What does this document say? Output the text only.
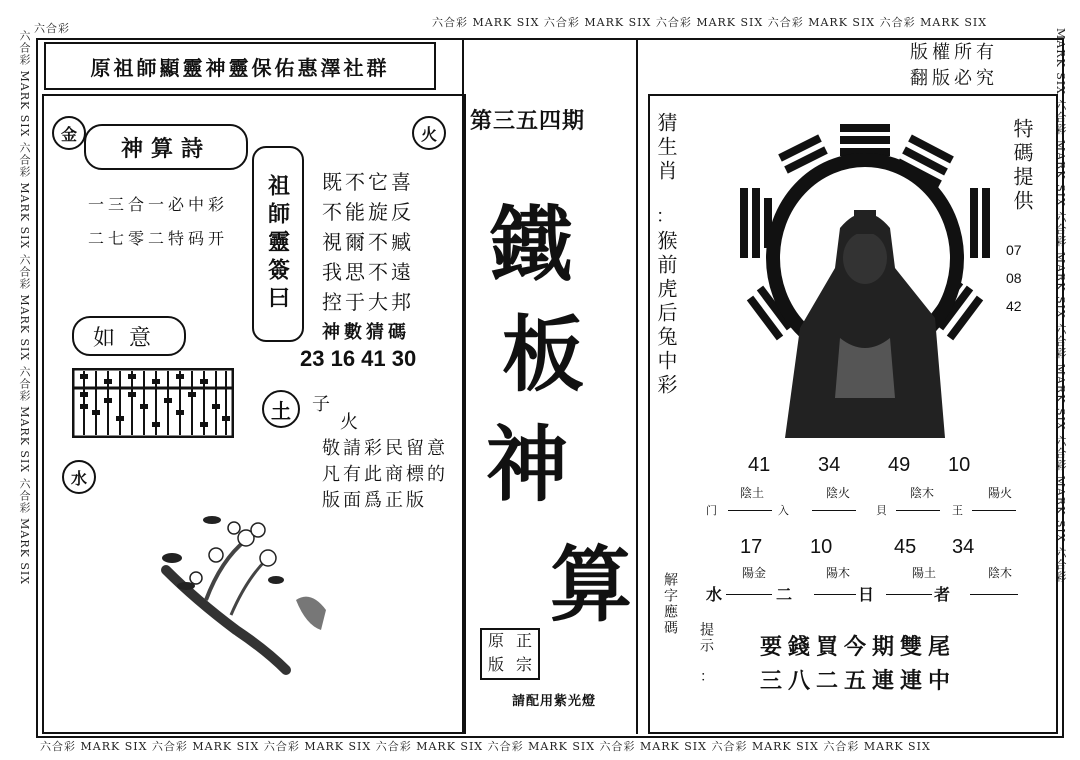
六合彩 MARK SIX 六合彩 MARK SIX 六合彩 MARK SIX 六合彩 MARK SIX 六合彩 MARK SIX
六合彩
六合彩 MARK SIX 六合彩 MARK SIX 六合彩 MARK SIX 六合彩 MARK SIX 六合彩 MARK SIX 六合彩 MARK SIX 六合彩 MARK SIX 六合彩 MARK SIX
六合彩 MARK SIX 六合彩 MARK SIX 六合彩 MARK SIX 六合彩 MARK SIX 六合彩 MARK SIX	MARK SIX 六合彩 MARK SIX 六合彩 MARK SIX 六合彩 MARK SIX 六合彩 MARK SIX 六合彩
原祖師顯靈神靈保佑惠澤社群
版權所有
翻版必究
金	火
神算詩
一三合一必中彩
二七零二特码开
如意
祖師靈簽曰 既不它喜
不能旋反
視爾不臧
我思不遠
控于大邦
神數猜碼
23 16 41 30
土	子
火
敬請彩民留意
凡有此商標的
版面爲正版
水
第三五四期
鐵
板
神
算
原 正
版 宗
請配用紫光燈
猜生肖
：
猴前虎后兔中彩
特碼提供
07
08
42
41 34 49 10
陰土	陰火	陰木	陽火
门	入	貝	王
17 10	45 34
陽金	陽木	陽土	陰木
水	二	日	者
解字應碼
提示
：
要錢買今期雙尾
三八二五連連中
